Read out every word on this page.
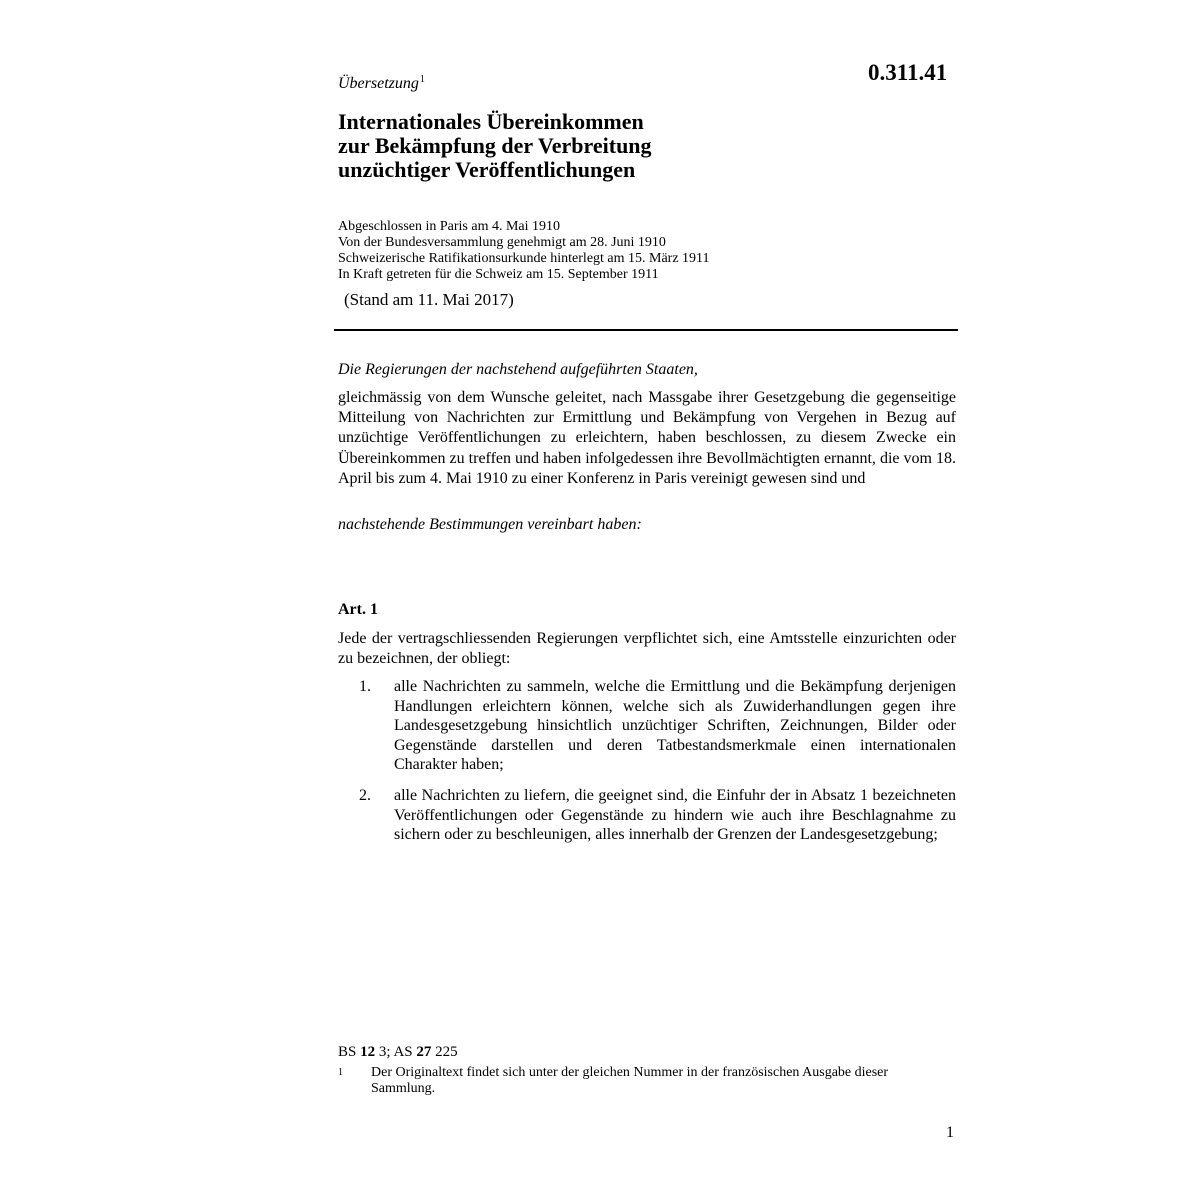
Übersetzung$^1$	0.311.41
Internationales Übereinkommen
zur Bekämpfung der Verbreitung
unzüchtiger Veröffentlichungen
Abgeschlossen in Paris am 4. Mai 1910
Von der Bundesversammlung genehmigt am 28. Juni 1910
Schweizerische Ratifikationsurkunde hinterlegt am 15. März 1911
In Kraft getreten für die Schweiz am 15. September 1911
(Stand am 11. Mai 2017)
Die Regierungen der nachstehend aufgeführten Staaten,
gleichmässig von dem Wunsche geleitet, nach Massgabe ihrer Gesetzgebung die gegenseitige Mitteilung von Nachrichten zur Ermittlung und Bekämpfung von Vergehen in Bezug auf unzüchtige Veröffentlichungen zu erleichtern, haben beschlossen, zu diesem Zwecke ein Übereinkommen zu treffen und haben infolgedessen ihre Bevollmächtigten ernannt, die vom 18. April bis zum 4. Mai 1910 zu einer Konferenz in Paris vereinigt gewesen sind und
nachstehende Bestimmungen vereinbart haben:
Art. 1
Jede der vertragschliessenden Regierungen verpflichtet sich, eine Amtsstelle einzurichten oder zu bezeichnen, der obliegt:
1. alle Nachrichten zu sammeln, welche die Ermittlung und die Bekämpfung derjenigen Handlungen erleichtern können, welche sich als Zuwiderhandlungen gegen ihre Landesgesetzgebung hinsichtlich unzüchtiger Schriften, Zeichnungen, Bilder oder Gegenstände darstellen und deren Tatbestandsmerkmale einen internationalen Charakter haben;
2. alle Nachrichten zu liefern, die geeignet sind, die Einfuhr der in Absatz 1 bezeichneten Veröffentlichungen oder Gegenstände zu hindern wie auch ihre Beschlagnahme zu sichern oder zu beschleunigen, alles innerhalb der Grenzen der Landesgesetzgebung;
BS 12 3; AS 27 225
1 Der Originaltext findet sich unter der gleichen Nummer in der französischen Ausgabe dieser Sammlung.
1
